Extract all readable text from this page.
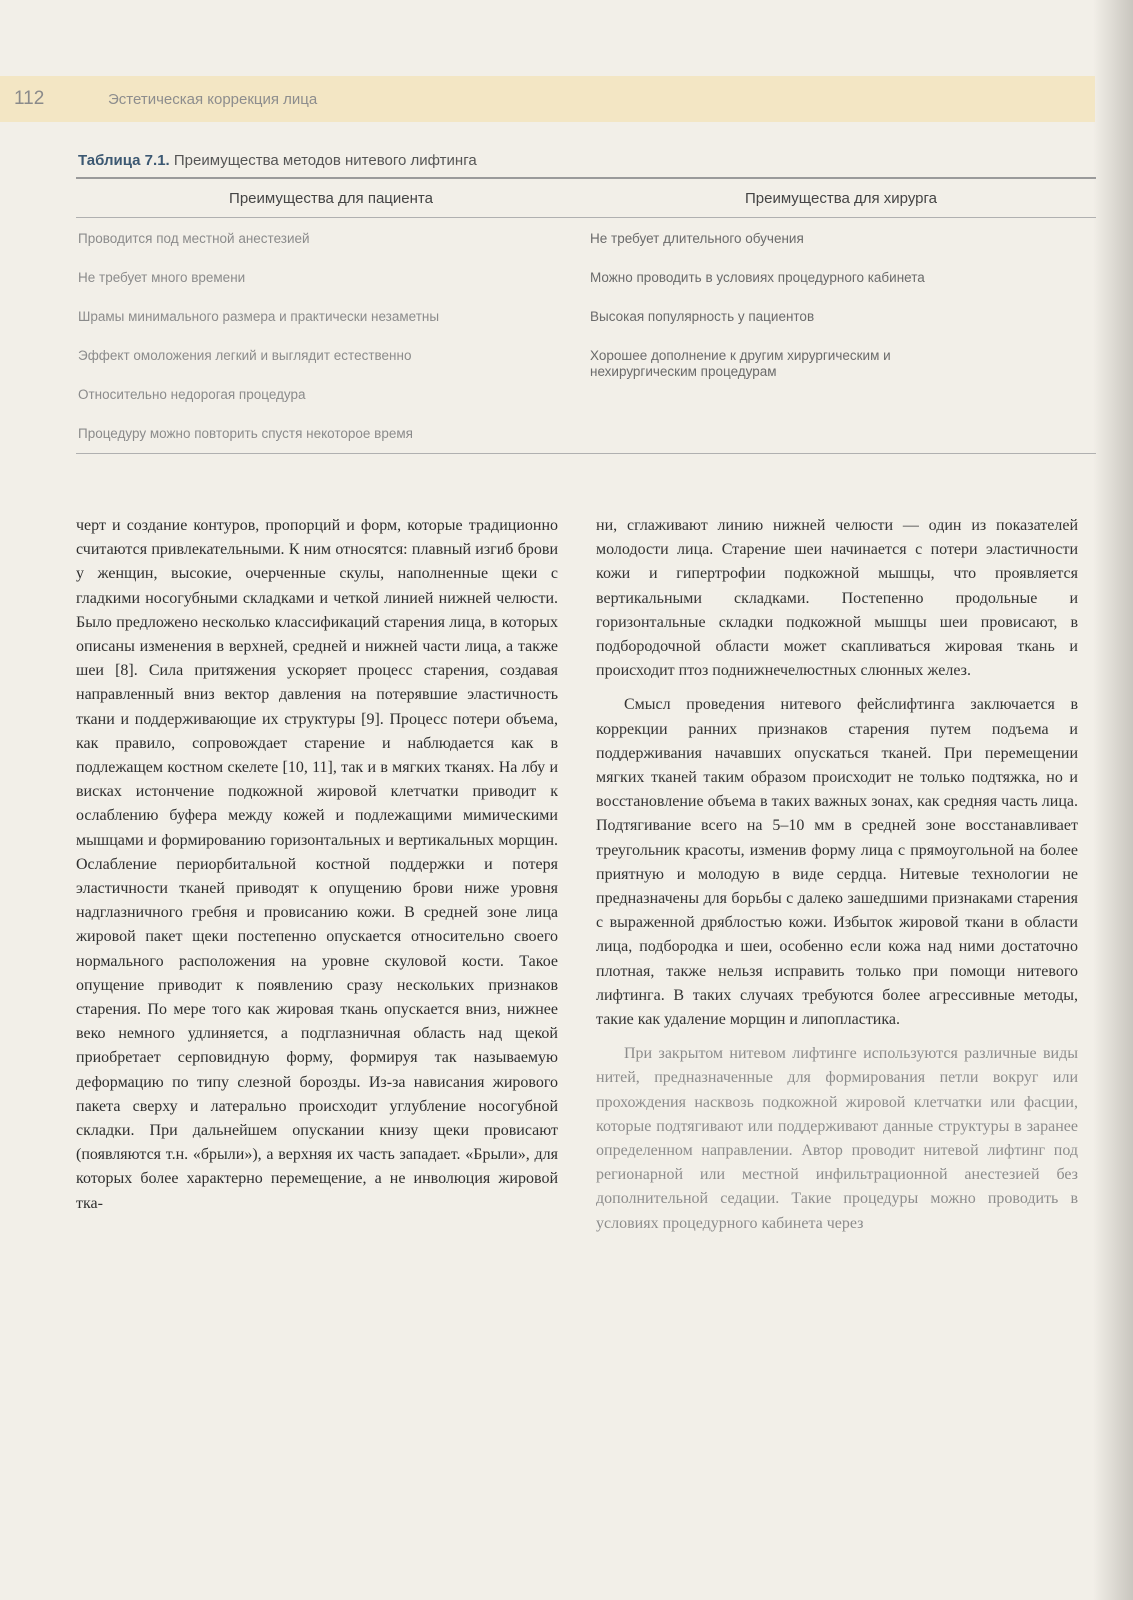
112	Эстетическая коррекция лица
Таблица 7.1. Преимущества методов нитевого лифтинга
Преимущества для пациента	Преимущества для хирурга
Проводится под местной анестезией
Не требует много времени
Шрамы минимального размера и практически незаметны
Эффект омоложения легкий и выглядит естественно
Относительно недорогая процедура
Процедуру можно повторить спустя некоторое время
Не требует длительного обучения
Можно проводить в условиях процедурного кабинета
Высокая популярность у пациентов
Хорошее дополнение к другим хирургическим и нехирургическим процедурам

черт и создание контуров, пропорций и форм, которые традиционно считаются привлекательными. К ним относятся: плавный изгиб брови у женщин, высокие, очерченные скулы, наполненные щеки с гладкими носогубными складками и четкой линией нижней челюсти. Было предложено несколько классификаций старения лица, в которых описаны изменения в верхней, средней и нижней части лица, а также шеи [8]. Сила притяжения ускоряет процесс старения, создавая направленный вниз вектор давления на потерявшие эластичность ткани и поддерживающие их структуры [9]. Процесс потери объема, как правило, сопровождает старение и наблюдается как в подлежащем костном скелете [10, 11], так и в мягких тканях. На лбу и висках истончение подкожной жировой клетчатки приводит к ослаблению буфера между кожей и подлежащими мимическими мышцами и формированию горизонтальных и вертикальных морщин. Ослабление периорбитальной костной поддержки и потеря эластичности тканей приводят к опущению брови ниже уровня надглазничного гребня и провисанию кожи. В средней зоне лица жировой пакет щеки постепенно опускается относительно своего нормального расположения на уровне скуловой кости. Такое опущение приводит к появлению сразу нескольких признаков старения. По мере того как жировая ткань опускается вниз, нижнее веко немного удлиняется, а подглазничная область над щекой приобретает серповидную форму, формируя так называемую деформацию по типу слезной борозды. Из-за нависания жирового пакета сверху и латерально происходит углубление носогубной складки. При дальнейшем опускании книзу щеки провисают (появляются т.н. «брыли»), а верхняя их часть западает. «Брыли», для которых более характерно перемещение, а не инволюция жировой тка-

ни, сглаживают линию нижней челюсти — один из показателей молодости лица. Старение шеи начинается с потери эластичности кожи и гипертрофии подкожной мышцы, что проявляется вертикальными складками. Постепенно продольные и горизонтальные складки подкожной мышцы шеи провисают, в подбородочной области может скапливаться жировая ткань и происходит птоз поднижнечелюстных слюнных желез.

Смысл проведения нитевого фейслифтинга заключается в коррекции ранних признаков старения путем подъема и поддерживания начавших опускаться тканей. При перемещении мягких тканей таким образом происходит не только подтяжка, но и восстановление объема в таких важных зонах, как средняя часть лица. Подтягивание всего на 5–10 мм в средней зоне восстанавливает треугольник красоты, изменив форму лица с прямоугольной на более приятную и молодую в виде сердца. Нитевые технологии не предназначены для борьбы с далеко зашедшими признаками старения с выраженной дряблостью кожи. Избыток жировой ткани в области лица, подбородка и шеи, особенно если кожа над ними достаточно плотная, также нельзя исправить только при помощи нитевого лифтинга. В таких случаях требуются более агрессивные методы, такие как удаление морщин и липопластика.

При закрытом нитевом лифтинге используются различные виды нитей, предназначенные для формирования петли вокруг или прохождения насквозь подкожной жировой клетчатки или фасции, которые подтягивают или поддерживают данные структуры в заранее определенном направлении. Автор проводит нитевой лифтинг под регионарной или местной инфильтрационной анестезией без дополнительной седации. Такие процедуры можно проводить в условиях процедурного кабинета через
